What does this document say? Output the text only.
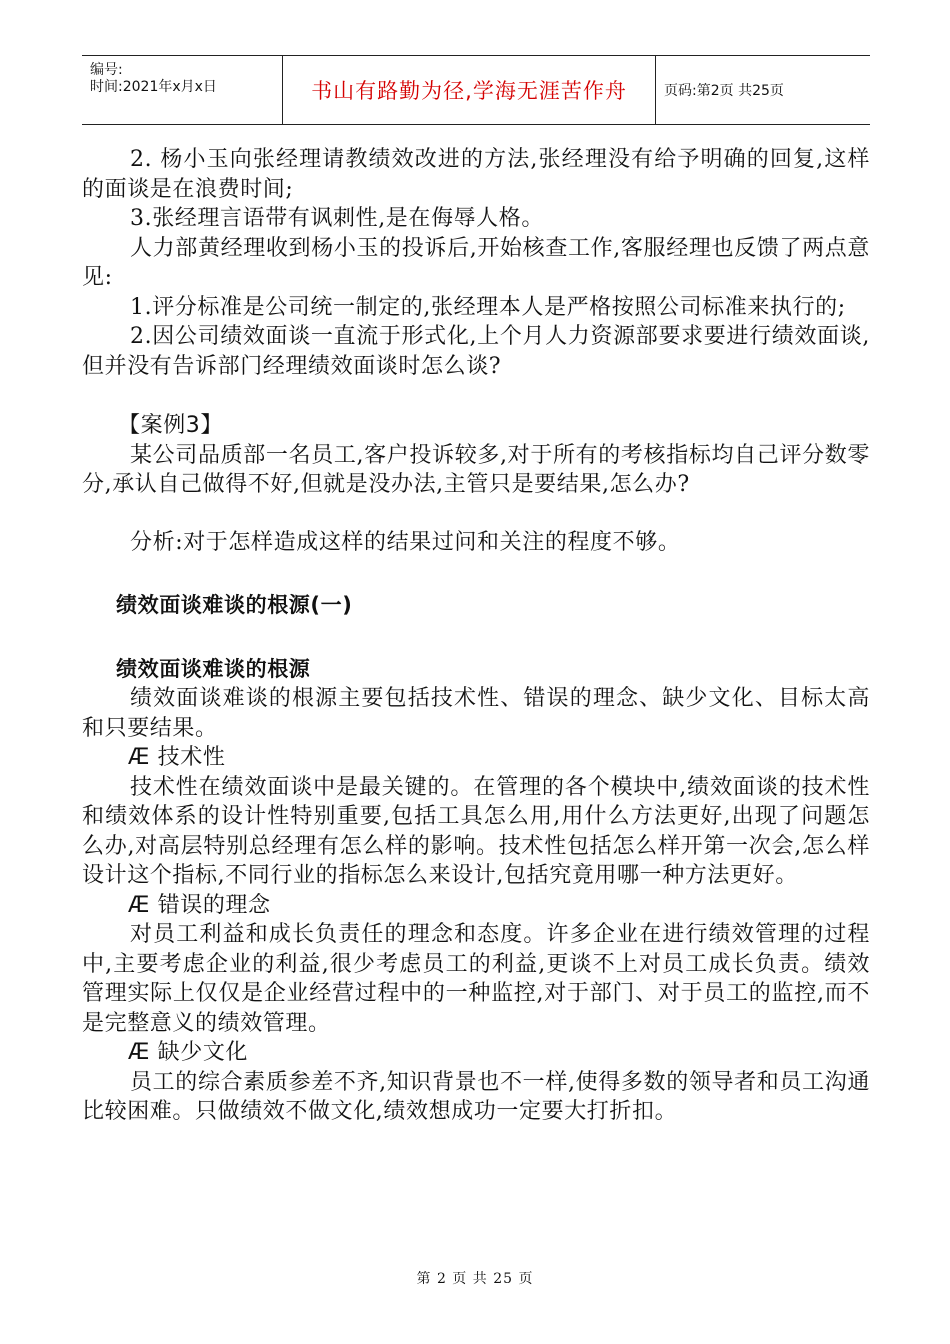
编号:
时间:2021年x月x日	书山有路勤为径,学海无涯苦作舟	页码:第2页 共25页

2. 杨小玉向张经理请教绩效改进的方法,张经理没有给予明确的回复,这样的面谈是在浪费时间;

3.张经理言语带有讽刺性,是在侮辱人格。

人力部黄经理收到杨小玉的投诉后,开始核查工作,客服经理也反馈了两点意见:

1.评分标准是公司统一制定的,张经理本人是严格按照公司标准来执行的;

2.因公司绩效面谈一直流于形式化,上个月人力资源部要求要进行绩效面谈,但并没有告诉部门经理绩效面谈时怎么谈?

【案例3】

某公司品质部一名员工,客户投诉较多,对于所有的考核指标均自己评分数零分,承认自己做得不好,但就是没办法,主管只是要结果,怎么办?

分析:对于怎样造成这样的结果过问和关注的程度不够。

绩效面谈难谈的根源(一)

绩效面谈难谈的根源

绩效面谈难谈的根源主要包括技术性、错误的理念、缺少文化、目标太高和只要结果。

Æ 技术性

技术性在绩效面谈中是最关键的。在管理的各个模块中,绩效面谈的技术性和绩效体系的设计性特别重要,包括工具怎么用,用什么方法更好,出现了问题怎么办,对高层特别总经理有怎么样的影响。技术性包括怎么样开第一次会,怎么样设计这个指标,不同行业的指标怎么来设计,包括究竟用哪一种方法更好。

Æ 错误的理念

对员工利益和成长负责任的理念和态度。许多企业在进行绩效管理的过程中,主要考虑企业的利益,很少考虑员工的利益,更谈不上对员工成长负责。绩效管理实际上仅仅是企业经营过程中的一种监控,对于部门、对于员工的监控,而不是完整意义的绩效管理。

Æ 缺少文化

员工的综合素质参差不齐,知识背景也不一样,使得多数的领导者和员工沟通比较困难。只做绩效不做文化,绩效想成功一定要大打折扣。

第 2 页 共 25 页
